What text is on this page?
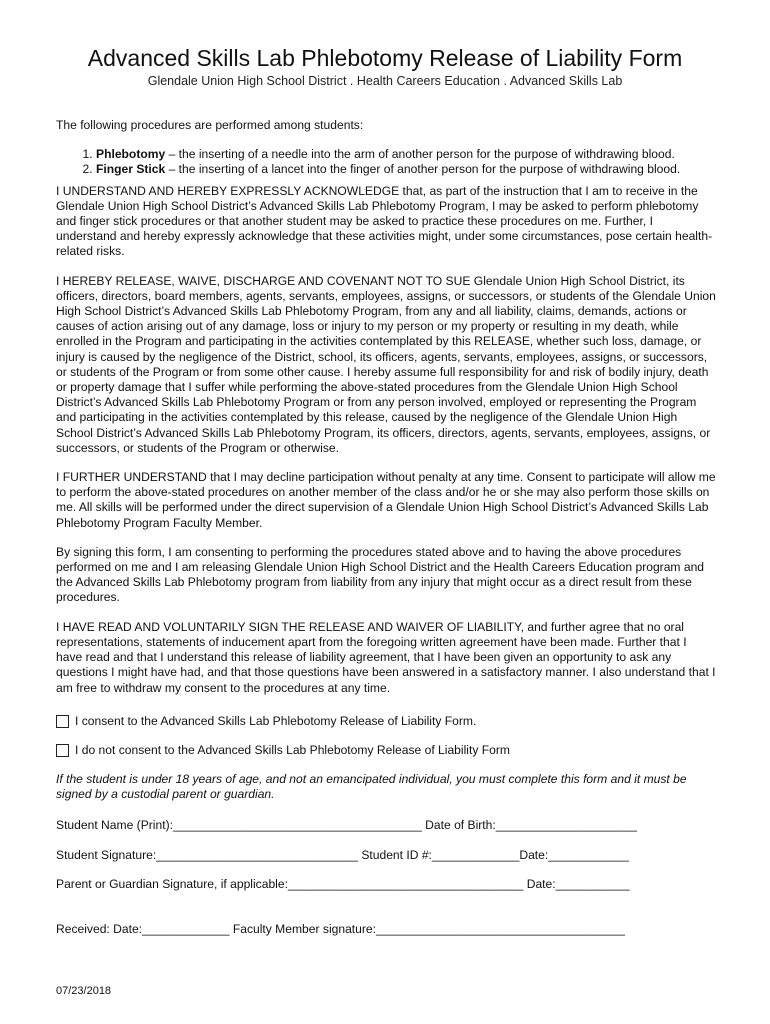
Advanced Skills Lab Phlebotomy Release of Liability Form
Glendale Union High School District . Health Careers Education . Advanced Skills Lab

The following procedures are performed among students:

1. Phlebotomy – the inserting of a needle into the arm of another person for the purpose of withdrawing blood.
2. Finger Stick – the inserting of a lancet into the finger of another person for the purpose of withdrawing blood.

I UNDERSTAND AND HEREBY EXPRESSLY ACKNOWLEDGE that, as part of the instruction that I am to receive in the Glendale Union High School District’s Advanced Skills Lab Phlebotomy Program, I may be asked to perform phlebotomy and finger stick procedures or that another student may be asked to practice these procedures on me. Further, I understand and hereby expressly acknowledge that these activities might, under some circumstances, pose certain health-related risks.

I HEREBY RELEASE, WAIVE, DISCHARGE AND COVENANT NOT TO SUE Glendale Union High School District, its officers, directors, board members, agents, servants, employees, assigns, or successors, or students of the Glendale Union High School District’s Advanced Skills Lab Phlebotomy Program, from any and all liability, claims, demands, actions or causes of action arising out of any damage, loss or injury to my person or my property or resulting in my death, while enrolled in the Program and participating in the activities contemplated by this RELEASE, whether such loss, damage, or injury is caused by the negligence of the District, school, its officers, agents, servants, employees, assigns, or successors, or students of the Program or from some other cause. I hereby assume full responsibility for and risk of bodily injury, death or property damage that I suffer while performing the above-stated procedures from the Glendale Union High School District’s Advanced Skills Lab Phlebotomy Program or from any person involved, employed or representing the Program and participating in the activities contemplated by this release, caused by the negligence of the Glendale Union High School District’s Advanced Skills Lab Phlebotomy Program, its officers, directors, agents, servants, employees, assigns, or successors, or students of the Program or otherwise.

I FURTHER UNDERSTAND that I may decline participation without penalty at any time. Consent to participate will allow me to perform the above-stated procedures on another member of the class and/or he or she may also perform those skills on me. All skills will be performed under the direct supervision of a Glendale Union High School District’s Advanced Skills Lab Phlebotomy Program Faculty Member.

By signing this form, I am consenting to performing the procedures stated above and to having the above procedures performed on me and I am releasing Glendale Union High School District and the Health Careers Education program and the Advanced Skills Lab Phlebotomy program from liability from any injury that might occur as a direct result from these procedures.

I HAVE READ AND VOLUNTARILY SIGN THE RELEASE AND WAIVER OF LIABILITY, and further agree that no oral representations, statements of inducement apart from the foregoing written agreement have been made. Further that I have read and that I understand this release of liability agreement, that I have been given an opportunity to ask any questions I might have had, and that those questions have been answered in a satisfactory manner. I also understand that I am free to withdraw my consent to the procedures at any time.

I consent to the Advanced Skills Lab Phlebotomy Release of Liability Form.
I do not consent to the Advanced Skills Lab Phlebotomy Release of Liability Form
If the student is under 18 years of age, and not an emancipated individual, you must complete this form and it must be signed by a custodial parent or guardian.
Student Name (Print):_____________________________________ Date of Birth:_____________________
Student Signature:______________________________ Student ID #:_____________Date:____________
Parent or Guardian Signature, if applicable:___________________________________ Date:___________
Received: Date:_____________ Faculty Member signature:_____________________________________
07/23/2018
